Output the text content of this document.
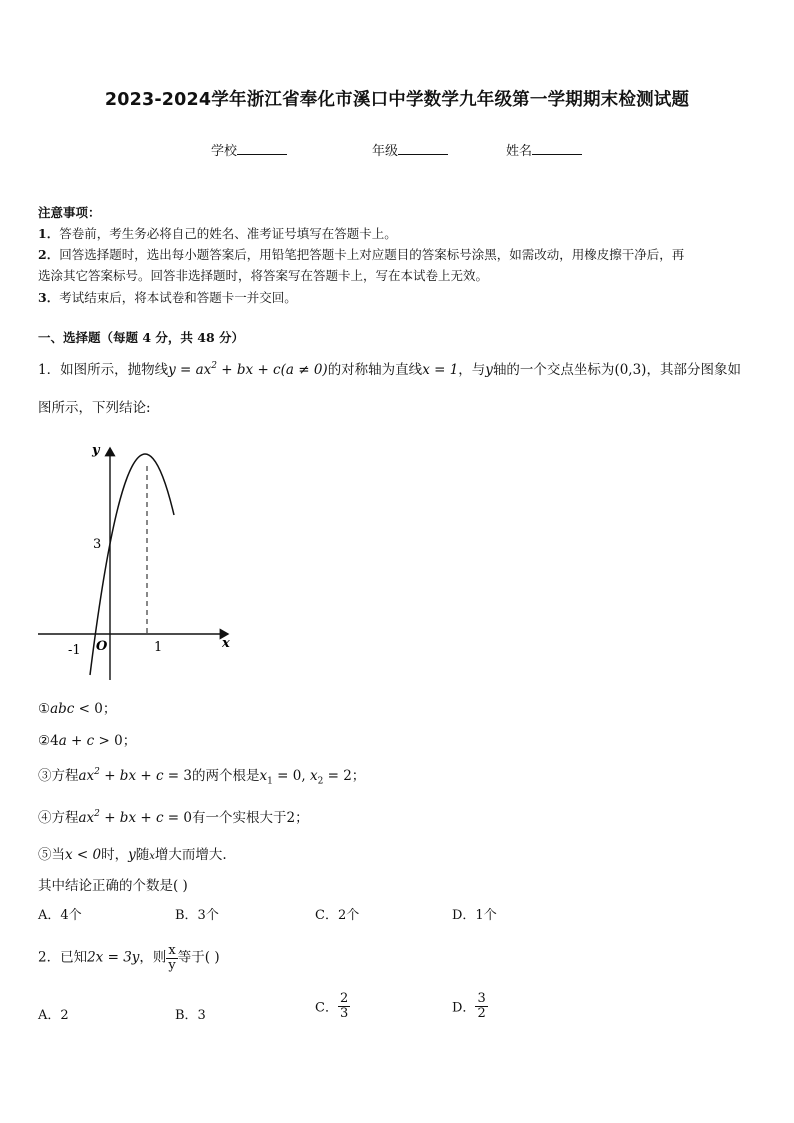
2023-2024学年浙江省奉化市溪口中学数学九年级第一学期期末检测试题
学校	年级	姓名
注意事项：
1．答卷前，考生务必将自己的姓名、准考证号填写在答题卡上。
2．回答选择题时，选出每小题答案后，用铅笔把答题卡上对应题目的答案标号涂黑，如需改动，用橡皮擦干净后，再
选涂其它答案标号。回答非选择题时，将答案写在答题卡上，写在本试卷上无效。
3．考试结束后，将本试卷和答题卡一并交回。
一、选择题（每题 4 分，共 48 分）
1．如图所示，抛物线$y = ax^2$ + bx + c(a ≠ 0)的对称轴为直线x = 1，与y轴的一个交点坐标为(0,3)，其部分图象如
图所示，下列结论:
y
x
O
3
-1	1
①abc < 0；
②4a + c > 0；
③方程$ax^2$ + bx + c = 3的两个根是$x_1 = 0$, $x_2 = 2$；
④方程$ax^2$ + bx + c = 0有一个实根大于2；
⑤当x < 0时，y随x增大而增大.
其中结论正确的个数是( )
A．4个	B．3个	C．2个	D．1个
2．已知2x = 3y，则 $\frac{x}{y}$ 等于( )
A．2	B．3	C． $\frac{2}{3}$	D． $\frac{3}{2}$
